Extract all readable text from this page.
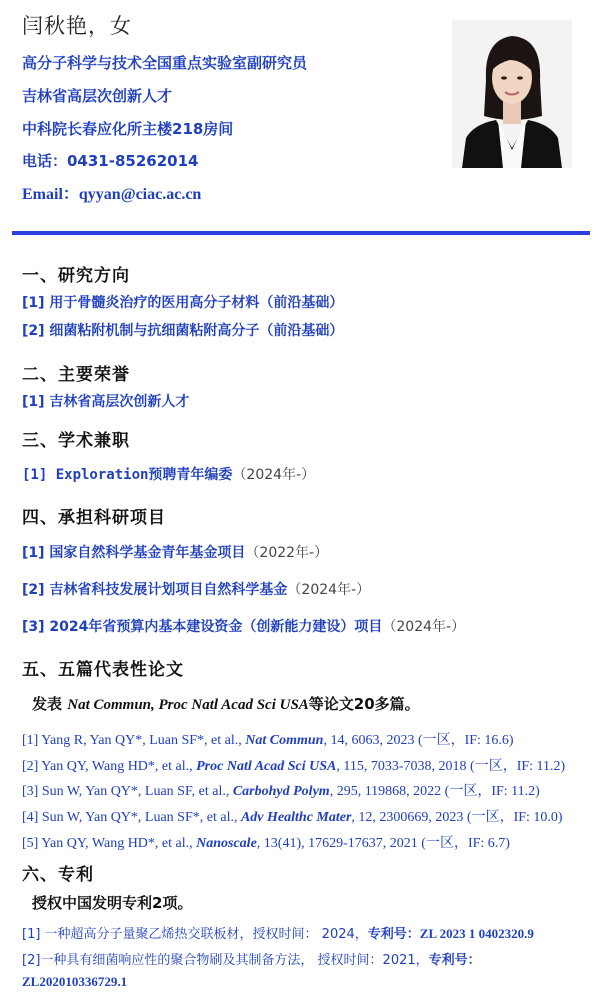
闫秋艳，女
高分子科学与技术全国重点实验室副研究员
吉林省高层次创新人才
中科院长春应化所主楼218房间
电话：0431-85262014
Email：qyyan@ciac.ac.cn
一、研究方向
[1] 用于骨髓炎治疗的医用高分子材料（前沿基础）
[2] 细菌粘附机制与抗细菌粘附高分子（前沿基础）
二、主要荣誉
[1] 吉林省高层次创新人才
三、学术兼职
[1] Exploration预聘青年编委（2024年-）
四、承担科研项目
[1] 国家自然科学基金青年基金项目（2022年-）
[2] 吉林省科技发展计划项目自然科学基金（2024年-）
[3] 2024年省预算内基本建设资金（创新能力建设）项目（2024年-）
五、五篇代表性论文
发表 Nat Commun, Proc Natl Acad Sci USA等论文20多篇。
[1] Yang R, Yan QY*, Luan SF*, et al., Nat Commun, 14, 6063, 2023 (一区，IF: 16.6)
[2] Yan QY, Wang HD*, et al., Proc Natl Acad Sci USA, 115, 7033-7038, 2018 (一区，IF: 11.2)
[3] Sun W, Yan QY*, Luan SF, et al., Carbohyd Polym, 295, 119868, 2022 (一区，IF: 11.2)
[4] Sun W, Yan QY*, Luan SF*, et al., Adv Healthc Mater, 12, 2300669, 2023 (一区，IF: 10.0)
[5] Yan QY, Wang HD*, et al., Nanoscale, 13(41), 17629-17637, 2021 (一区，IF: 6.7)
六、专利
授权中国发明专利2项。
[1] 一种超高分子量聚乙烯热交联板材，授权时间： 2024，专利号：ZL 2023 1 0402320.9
[2]一种具有细菌响应性的聚合物刷及其制备方法， 授权时间：2021，专利号：
ZL202010336729.1
